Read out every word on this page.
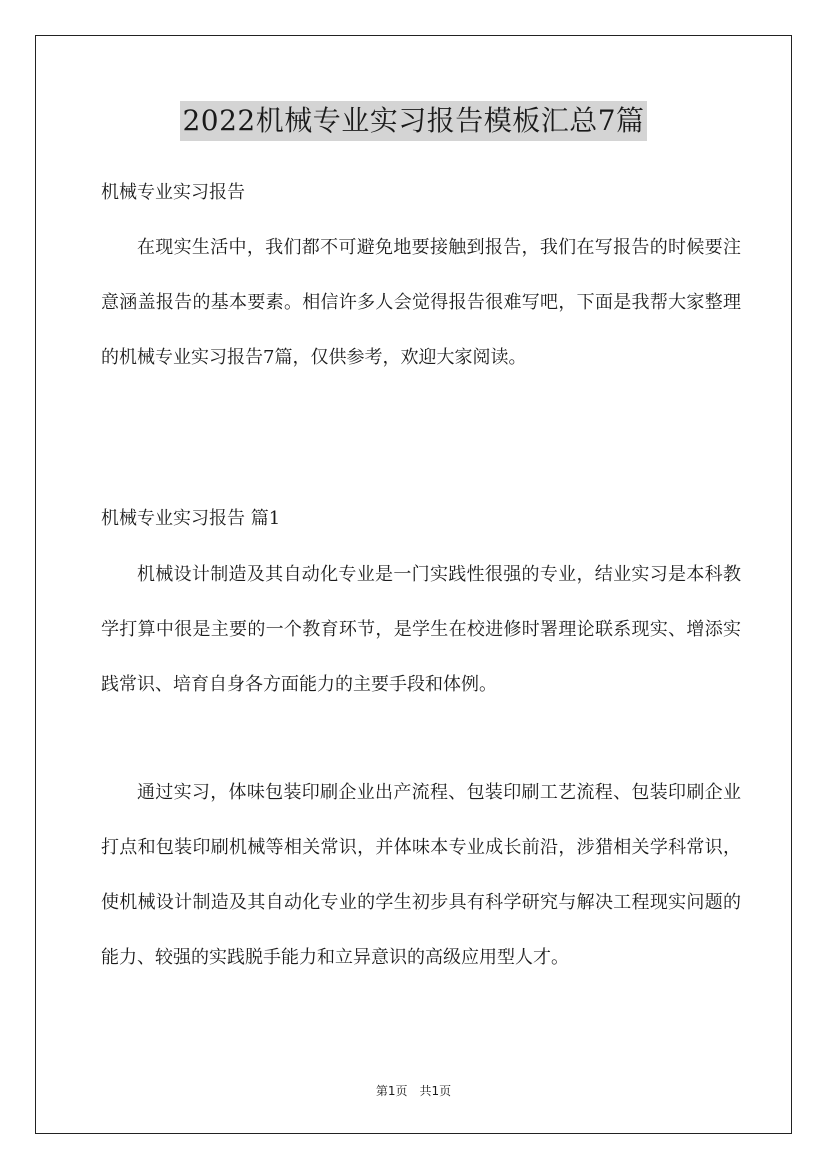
2022机械专业实习报告模板汇总7篇
机械专业实习报告

在现实生活中，我们都不可避免地要接触到报告，我们在写报告的时候要注意涵盖报告的基本要素。相信许多人会觉得报告很难写吧，下面是我帮大家整理的机械专业实习报告7篇，仅供参考，欢迎大家阅读。

机械专业实习报告 篇1

机械设计制造及其自动化专业是一门实践性很强的专业，结业实习是本科教学打算中很是主要的一个教育环节，是学生在校进修时署理论联系现实、增添实践常识、培育自身各方面能力的主要手段和体例。

通过实习，体味包装印刷企业出产流程、包装印刷工艺流程、包装印刷企业打点和包装印刷机械等相关常识，并体味本专业成长前沿，涉猎相关学科常识，使机械设计制造及其自动化专业的学生初步具有科学研究与解决工程现实问题的能力、较强的实践脱手能力和立异意识的高级应用型人才。

第1页 共1页
